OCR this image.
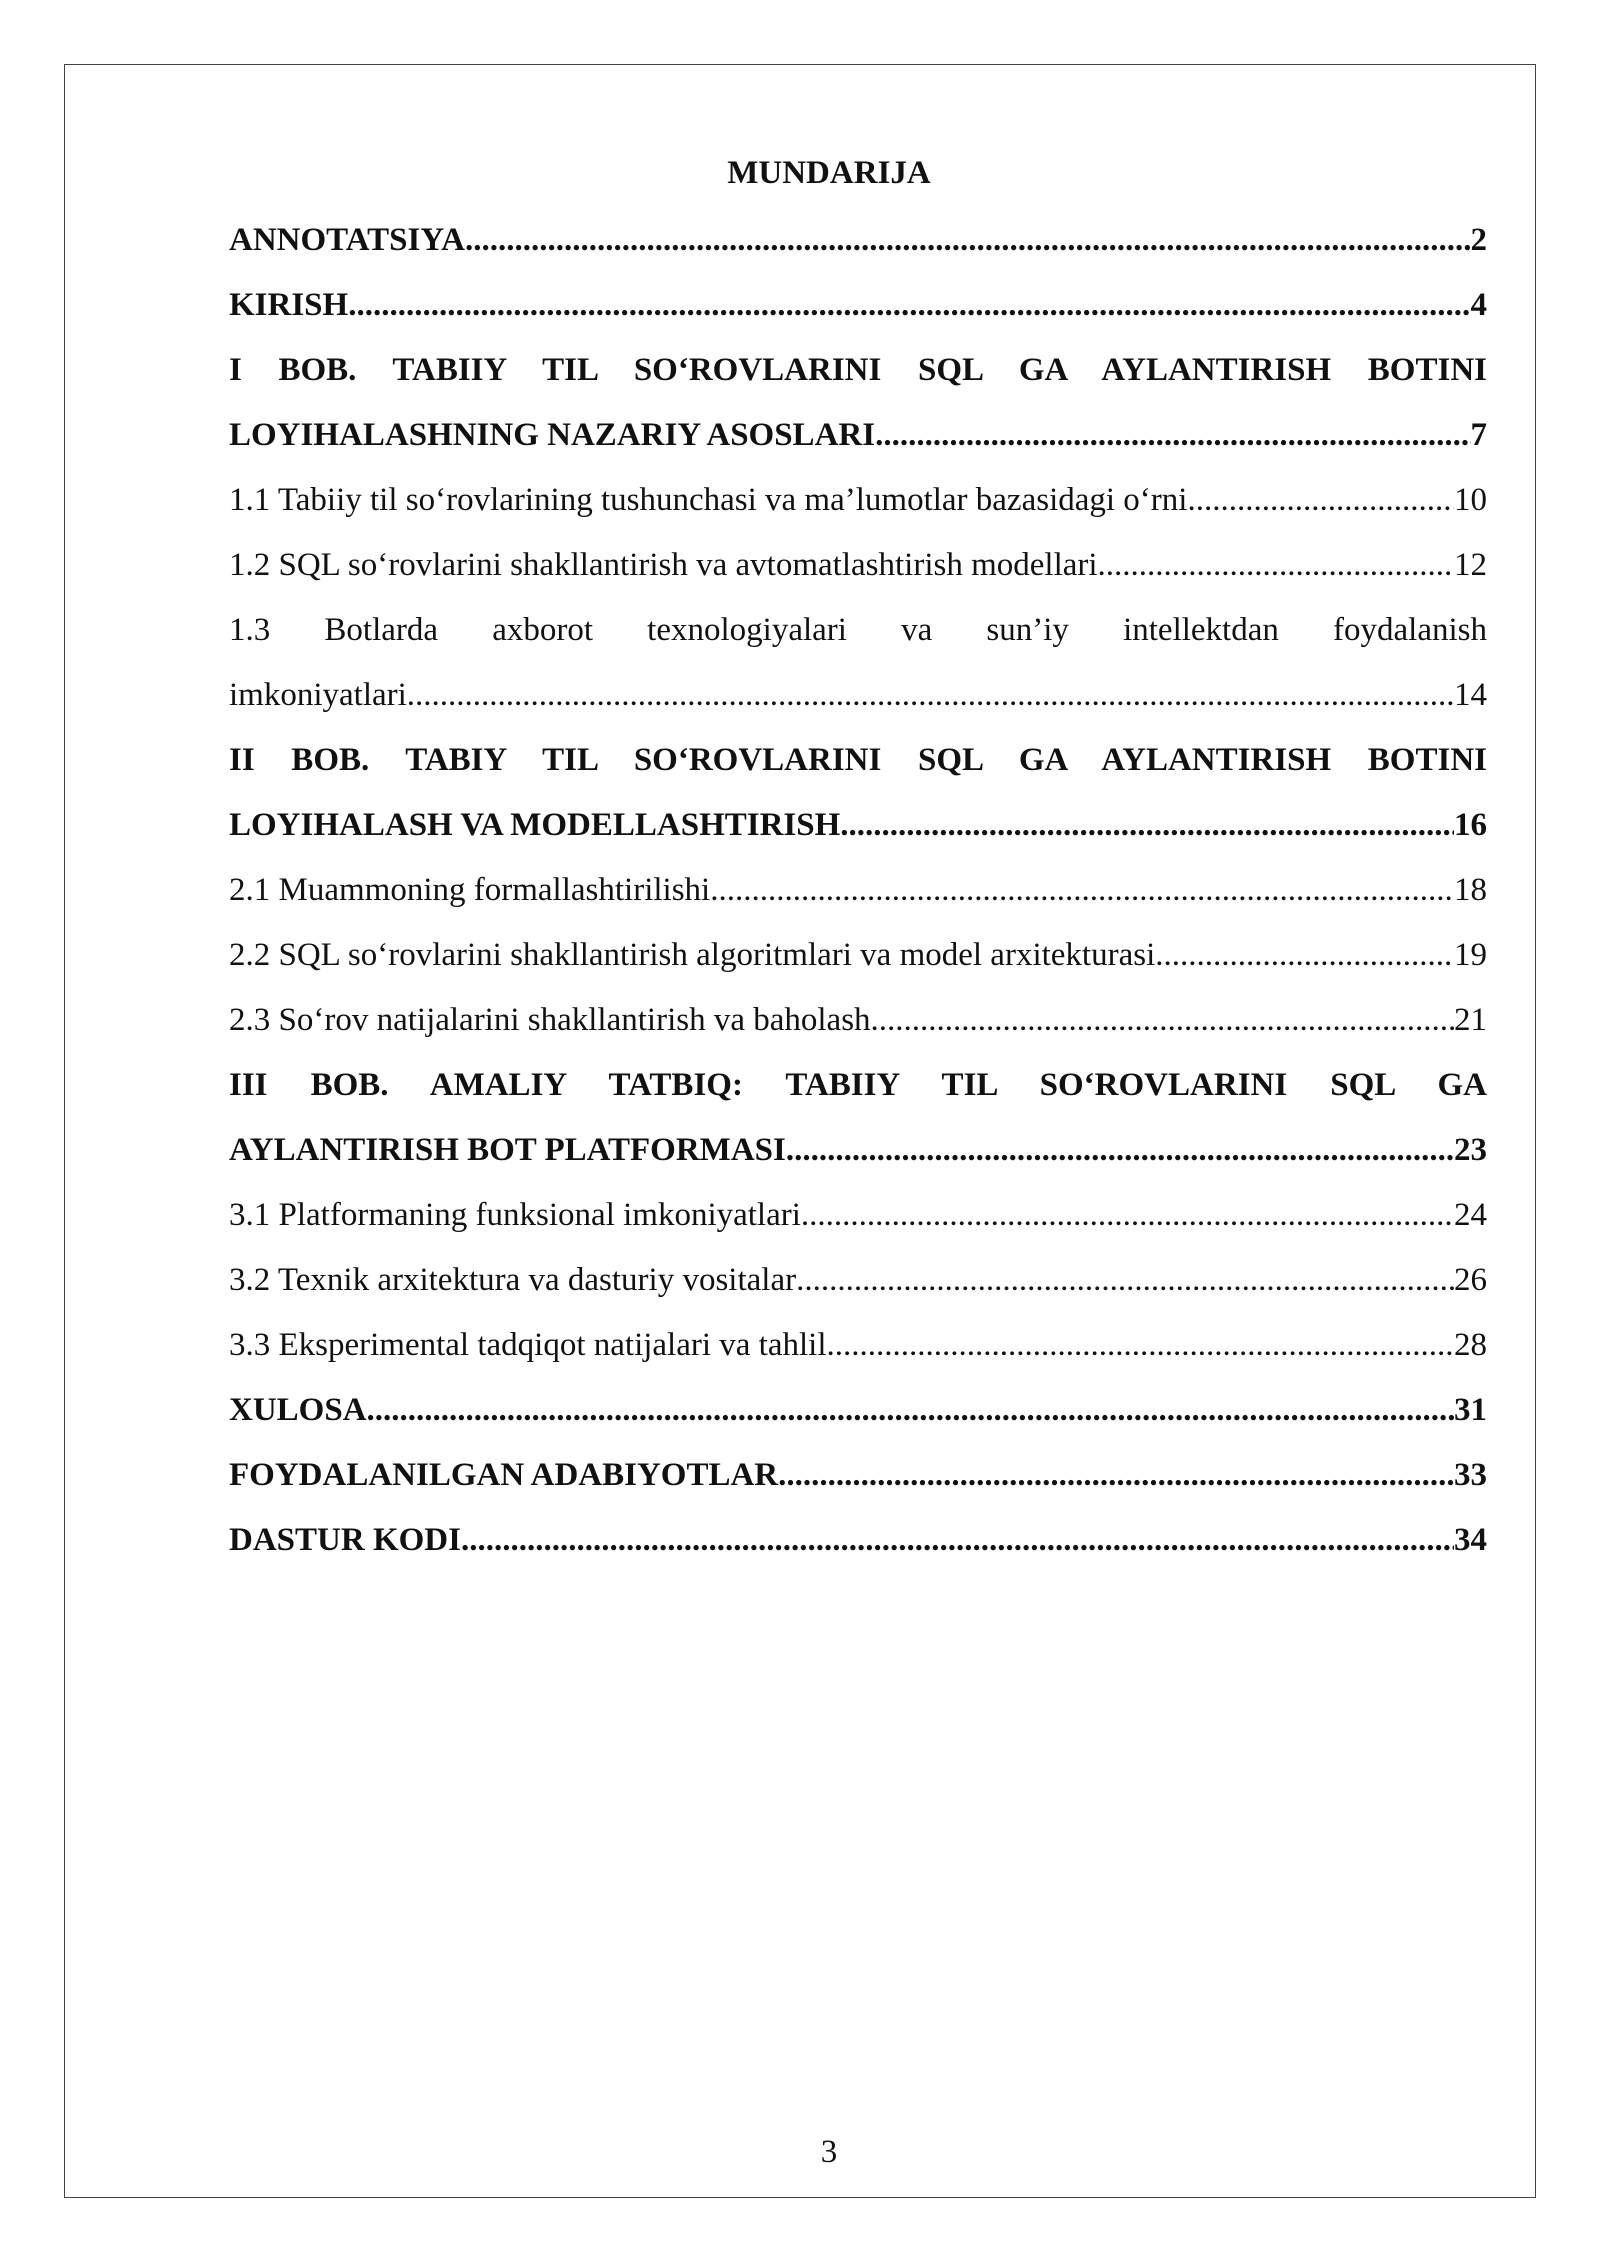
MUNDARIJA
ANNOTATSIYA .....	2
KIRISH .....	4
I BOB. TABIIY TIL SO‘ROVLARINI SQL GA AYLANTIRISH BOTINI
LOYIHALASHNING NAZARIY ASOSLARI .....	7
1.1 Tabiiy til so‘rovlarining tushunchasi va ma’lumotlar bazasidagi o‘rni .....	10
1.2 SQL so‘rovlarini shakllantirish va avtomatlashtirish modellari .....	12
1.3 Botlarda axborot texnologiyalari va sun’iy intellektdan foydalanish
imkoniyatlari .....	14
II BOB. TABIY TIL SO‘ROVLARINI SQL GA AYLANTIRISH BOTINI
LOYIHALASH VA MODELLASHTIRISH .....	16
2.1 Muammoning formallashtirilishi .....	18
2.2 SQL so‘rovlarini shakllantirish algoritmlari va model arxitekturasi .....	19
2.3 So‘rov natijalarini shakllantirish va baholash .....	21
III BOB. AMALIY TATBIQ: TABIIY TIL SO‘ROVLARINI SQL GA
AYLANTIRISH BOT PLATFORMASI .....	23
3.1 Platformaning funksional imkoniyatlari .....	24
3.2 Texnik arxitektura va dasturiy vositalar .....	26
3.3 Eksperimental tadqiqot natijalari va tahlil .....	28
XULOSA .....	31
FOYDALANILGAN ADABIYOTLAR .....	33
DASTUR KODI .....	34
3
